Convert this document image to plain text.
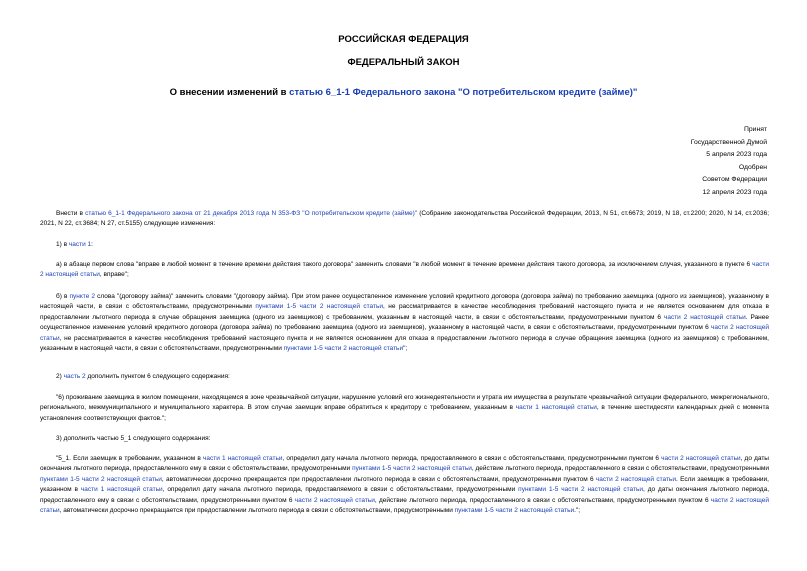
РОССИЙСКАЯ ФЕДЕРАЦИЯ
ФЕДЕРАЛЬНЫЙ ЗАКОН
О внесении изменений в статью 6_1-1 Федерального закона "О потребительском кредите (займе)"
Принят
Государственной Думой
5 апреля 2023 года
Одобрен
Советом Федерации
12 апреля 2023 года
Внести в статью 6_1-1 Федерального закона от 21 декабря 2013 года N 353-ФЗ "О потребительском кредите (займе)" (Собрание законодательства Российской Федерации, 2013, N 51, ст.6673; 2019, N 18, ст.2200; 2020, N 14, ст.2036; 2021, N 22, ст.3684; N 27, ст.5155) следующие изменения:
1) в части 1:
а) в абзаце первом слова "вправе в любой момент в течение времени действия такого договора" заменить словами "в любой момент в течение времени действия такого договора, за исключением случая, указанного в пункте 6 части 2 настоящей статьи, вправе";
б) в пункте 2 слова "(договору займа)" заменить словами "(договору займа). При этом ранее осуществленное изменение условий кредитного договора (договора займа) по требованию заемщика (одного из заемщиков), указанному в настоящей части, в связи с обстоятельствами, предусмотренными пунктами 1-5 части 2 настоящей статьи, не рассматривается в качестве несоблюдения требований настоящего пункта и не является основанием для отказа в предоставлении льготного периода в случае обращения заемщика (одного из заемщиков) с требованием, указанным в настоящей части, в связи с обстоятельствами, предусмотренными пунктом 6 части 2 настоящей статьи. Ранее осуществленное изменение условий кредитного договора (договора займа) по требованию заемщика (одного из заемщиков), указанному в настоящей части, в связи с обстоятельствами, предусмотренными пунктом 6 части 2 настоящей статьи, не рассматривается в качестве несоблюдения требований настоящего пункта и не является основанием для отказа в предоставлении льготного периода в случае обращения заемщика (одного из заемщиков) с требованием, указанным в настоящей части, в связи с обстоятельствами, предусмотренными пунктами 1-5 части 2 настоящей статьи";
2) часть 2 дополнить пунктом 6 следующего содержания:
"6) проживание заемщика в жилом помещении, находящемся в зоне чрезвычайной ситуации, нарушение условий его жизнедеятельности и утрата им имущества в результате чрезвычайной ситуации федерального, межрегионального, регионального, межмуниципального и муниципального характера. В этом случае заемщик вправе обратиться к кредитору с требованием, указанным в части 1 настоящей статьи, в течение шестидесяти календарных дней с момента установления соответствующих фактов.";
3) дополнить частью 5_1 следующего содержания:
"5_1. Если заемщик в требовании, указанном в части 1 настоящей статьи, определил дату начала льготного периода, предоставляемого в связи с обстоятельствами, предусмотренными пунктом 6 части 2 настоящей статьи, до даты окончания льготного периода, предоставленного ему в связи с обстоятельствами, предусмотренными пунктами 1-5 части 2 настоящей статьи, действие льготного периода, предоставленного в связи с обстоятельствами, предусмотренными пунктами 1-5 части 2 настоящей статьи, автоматически досрочно прекращается при предоставлении льготного периода в связи с обстоятельствами, предусмотренными пунктом 6 части 2 настоящей статьи. Если заемщик в требовании, указанном в части 1 настоящей статьи, определил дату начала льготного периода, предоставляемого в связи с обстоятельствами, предусмотренными пунктами 1-5 части 2 настоящей статьи, до даты окончания льготного периода, предоставленного ему в связи с обстоятельствами, предусмотренными пунктом 6 части 2 настоящей статьи, действие льготного периода, предоставленного в связи с обстоятельствами, предусмотренными пунктом 6 части 2 настоящей статьи, автоматически досрочно прекращается при предоставлении льготного периода в связи с обстоятельствами, предусмотренными пунктами 1-5 части 2 настоящей статьи.";
